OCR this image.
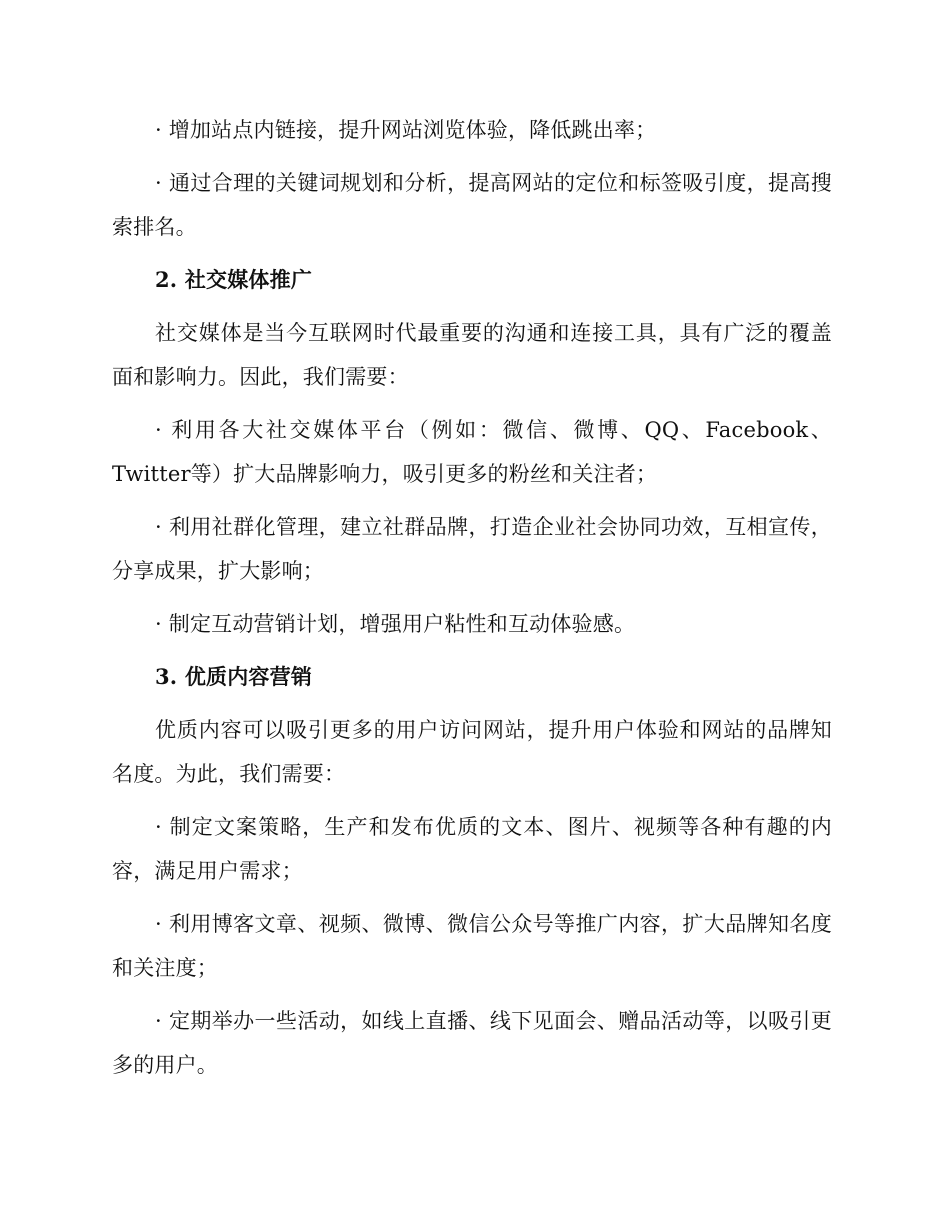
· 增加站点内链接，提升网站浏览体验，降低跳出率；

· 通过合理的关键词规划和分析，提高网站的定位和标签吸引度，提高搜索排名。

2. 社交媒体推广

社交媒体是当今互联网时代最重要的沟通和连接工具，具有广泛的覆盖面和影响力。因此，我们需要：

· 利用各大社交媒体平台（例如：微信、微博、QQ、Facebook、Twitter等）扩大品牌影响力，吸引更多的粉丝和关注者；

· 利用社群化管理，建立社群品牌，打造企业社会协同功效，互相宣传，分享成果，扩大影响；

· 制定互动营销计划，增强用户粘性和互动体验感。

3. 优质内容营销

优质内容可以吸引更多的用户访问网站，提升用户体验和网站的品牌知名度。为此，我们需要：

· 制定文案策略，生产和发布优质的文本、图片、视频等各种有趣的内容，满足用户需求；

· 利用博客文章、视频、微博、微信公众号等推广内容，扩大品牌知名度和关注度；

· 定期举办一些活动，如线上直播、线下见面会、赠品活动等，以吸引更多的用户。
